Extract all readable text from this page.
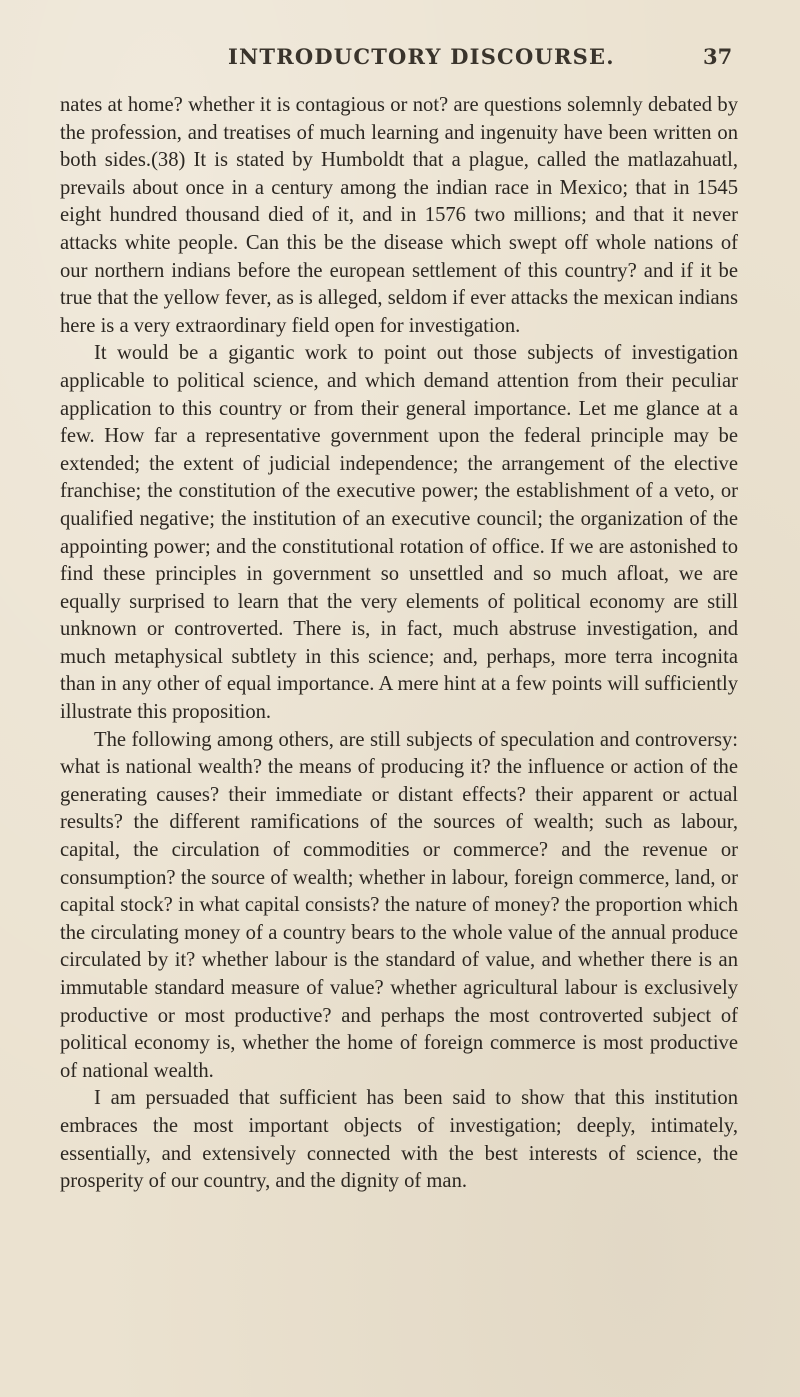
INTRODUCTORY DISCOURSE.	37

nates at home? whether it is contagious or not? are questions solemnly debated by the profession, and treatises of much learning and ingenuity have been written on both sides.(38) It is stated by Humboldt that a plague, called the matlazahuatl, prevails about once in a century among the indian race in Mexico; that in 1545 eight hundred thousand died of it, and in 1576 two millions; and that it never attacks white people. Can this be the disease which swept off whole nations of our northern indians before the european settlement of this country? and if it be true that the yellow fever, as is alleged, seldom if ever attacks the mexican indians here is a very extraordinary field open for investigation.

It would be a gigantic work to point out those subjects of investigation applicable to political science, and which demand attention from their peculiar application to this country or from their general importance. Let me glance at a few. How far a representative government upon the federal principle may be extended; the extent of judicial independence; the arrangement of the elective franchise; the constitution of the executive power; the establishment of a veto, or qualified negative; the institution of an executive council; the organization of the appointing power; and the constitutional rotation of office. If we are astonished to find these principles in government so unsettled and so much afloat, we are equally surprised to learn that the very elements of political economy are still unknown or controverted. There is, in fact, much abstruse investigation, and much metaphysical subtlety in this science; and, perhaps, more terra incognita than in any other of equal importance. A mere hint at a few points will sufficiently illustrate this proposition.

The following among others, are still subjects of speculation and controversy: what is national wealth? the means of producing it? the influence or action of the generating causes? their immediate or distant effects? their apparent or actual results? the different ramifications of the sources of wealth; such as labour, capital, the circulation of commodities or commerce? and the revenue or consumption? the source of wealth; whether in labour, foreign commerce, land, or capital stock? in what capital consists? the nature of money? the proportion which the circulating money of a country bears to the whole value of the annual produce circulated by it? whether labour is the standard of value, and whether there is an immutable standard measure of value? whether agricultural labour is exclusively productive or most productive? and perhaps the most controverted subject of political economy is, whether the home of foreign commerce is most productive of national wealth.

I am persuaded that sufficient has been said to show that this institution embraces the most important objects of investigation; deeply, intimately, essentially, and extensively connected with the best interests of science, the prosperity of our country, and the dignity of man.
